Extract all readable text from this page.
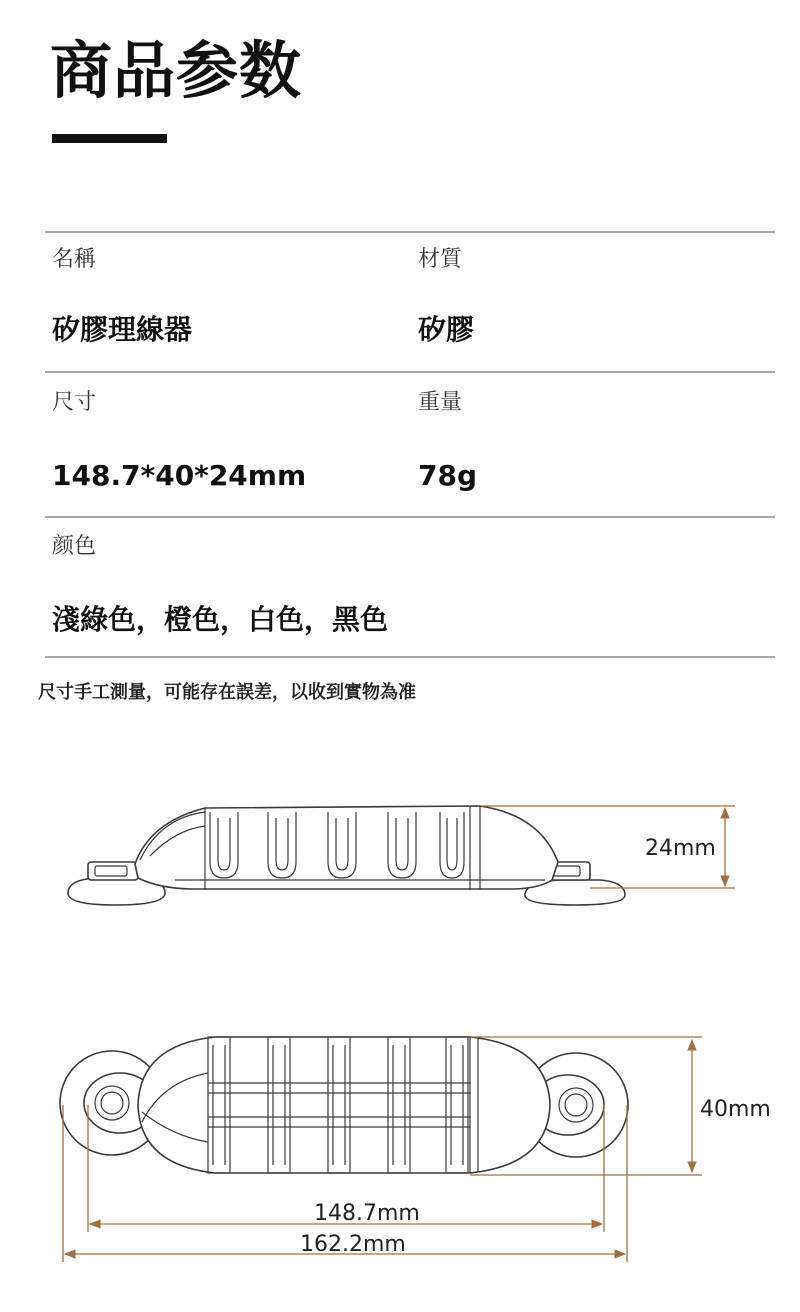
商品参数
名稱	材質
矽膠理線器	矽膠
尺寸	重量
148.7*40*24mm	78g
颜色
淺綠色，橙色，白色，黑色
尺寸手工測量，可能存在誤差，以收到實物為准
24mm
40mm
148.7mm
162.2mm
